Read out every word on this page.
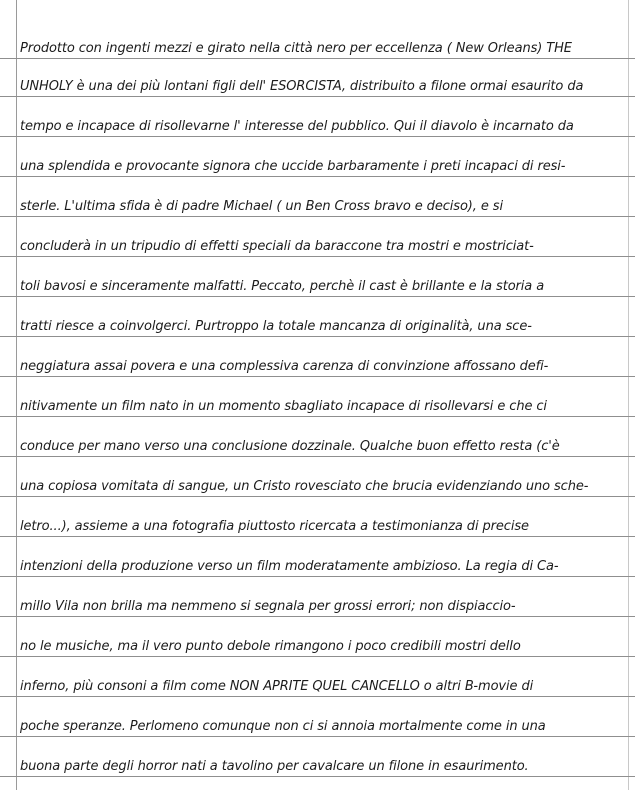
Prodotto con ingenti mezzi e girato nella città nero per eccellenza ( New Orleans) THE
UNHOLY è una dei più lontani figli dell' ESORCISTA, distribuito a filone ormai esaurito da
tempo e incapace di risollevarne l' interesse del pubblico. Qui il diavolo è incarnato da
una splendida e provocante signora che uccide barbaramente i preti incapaci di resi-
sterle. L'ultima sfida è di padre Michael ( un Ben Cross bravo e deciso), e si
concluderà in un tripudio di effetti speciali da baraccone tra mostri e mostriciat-
toli bavosi e sinceramente malfatti. Peccato, perchè il cast è brillante e la storia a
tratti riesce a coinvolgerci. Purtroppo la totale mancanza di originalità, una sce-
neggiatura assai povera e una complessiva carenza di convinzione affossano defi-
nitivamente un film nato in un momento sbagliato incapace di risollevarsi e che ci
conduce per mano verso una conclusione dozzinale. Qualche buon effetto resta (c'è
una copiosa vomitata di sangue, un Cristo rovesciato che brucia evidenziando uno sche-
letro...), assieme a una fotografia piuttosto ricercata a testimonianza di precise
intenzioni della produzione verso un film moderatamente ambizioso. La regia di Ca-
millo Vila non brilla ma nemmeno si segnala per grossi errori; non dispiaccio-
no le musiche, ma il vero punto debole rimangono i poco credibili mostri dello
inferno, più consoni a film come NON APRITE QUEL CANCELLO o altri B-movie di
poche speranze. Perlomeno comunque non ci si annoia mortalmente come in una
buona parte degli horror nati a tavolino per cavalcare un filone in esaurimento.
